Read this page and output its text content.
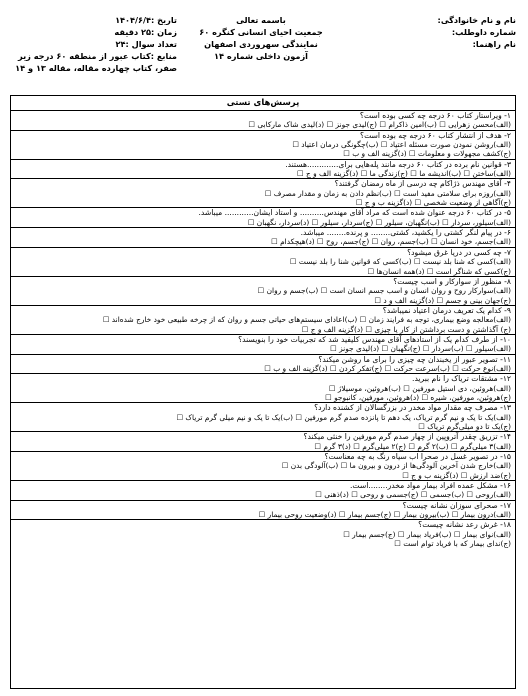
نام و نام خانوادگی:
شماره داوطلب:
نام راهنما:
باسمه تعالی
جمعیت احیای انسانی کنگره ۶۰
نمایندگی سهروردی اصفهان
آزمون داخلی شماره ۱۴
تاریخ :۱۴۰۴/۶/۴
زمان :۲۵ دقیقه
تعداد سوال :۲۴
منابع :کتاب عبور از منطقه ۶۰ درجه زیر صفر، کتاب چهارده مقاله، مقاله ۱۳ و ۱۴
پرسش‌های تستی
۱- ویراستار کتاب ۶۰ درجه چه کسی بوده است؟
(الف)محسن زهرایی ☐ (ب)امین ذاکرام ☐ (ج)لیدی جونز ☐ (د)لیدی شاک مارکابی ☐
۲- هدف از انتشار کتاب ۶۰ درجه چه بوده است؟
(الف)روشن نمودن صورت مسئله اعتیاد ☐ (ب)چگونگی درمان اعتیاد ☐
(ج)کشف مجهولات و معلومات ☐ (د)گزینه الف و ب ☐
۳- قوانین نام برده در کتاب ۶۰ درجه مانند پله‌هایی برای.............هستند.
(الف)ساختن ☐ (ب)اندیشه ما ☐ (ج)زندگی ما ☐ (د)گزینه الف و ج ☐
۴- آقای مهندس ذژاکام چه درسی از ماه رمضان گرفتند؟
(الف)روزه برای سلامتی مفید است ☐ (ب)نظم دادن به زمان و مقدار مصرف ☐
(ج)آگاهی از وضعیت شخصی ☐ (د)گزینه ب و ج ☐
۵- در کتاب ۶۰ درجه عنوان شده است که مراد آقای مهندس.......... و استاد ایشان............ میباشد.
(الف)سیلور، سردار ☐ (ب)نگهبان، سیلور ☐ (ج)سردار، سیلور ☐ (د)سردار، نگهبان ☐
۶- در پیام لنگر کشتی را یکشید، کشتی........ و پرنده........ میباشد.
(الف)جسم، خود انسان ☐ (ب)جسم، روان ☐ (ج)جسم، روح ☐ (د)هیچکدام ☐
۷- چه کسی در دریا غرق میشود؟
(الف)کسی که شنا بلد نیست ☐ (ب)کسی که قوانین شنا را بلد نیست ☐
(ج)کسی که شناگر است ☐ (د)همه انسان‌ها ☐
۸- منظور از سوارکار و اسب چیست؟
(الف)سوارکار روح و روان انسان و اسب جسم انسان است ☐ (ب)جسم و روان ☐
(ج)جهان بینی و جسم ☐ (د)گزینه الف و د ☐
۹- کدام یک تعریف درمان اعتیاد نمیباشد؟
(الف)معالجه وضع بیماری، توجه به فرایند زمان ☐ (ب)اعادای سیستم‌های حیاتی جسم و روان که از چرخه طبیعی خود خارج شده‌اند ☐
(ج) آگذاشتن و دست برداشتن از کار یا چیزی ☐ (د)گزینه الف و ج ☐
۱۰- از طرف کدام یک از استادهای آقای مهندس کلیفید شد که تجربیات خود را بنویسند؟
(الف)سیلور ☐ (ب)سردار ☐ (ج)نگهبان ☐ (د)لیدی جونز ☐
۱۱- تصویر عبور از یخبندان چه چیزی را برای ما روشن میکند؟
(الف)نوع حرکت ☐ (ب)سرعت حرکت ☐ (ج)تفکر کردن ☐ (د)گزینه الف و ب ☐
۱۲- مشتقات تریاک را نام ببرید.
(الف)هروئین، دی استیل مورفین ☐ (ب)هروئین، موسیلاژ ☐
(ج)هروئین، مورفین، شیره ☐ (د)هروئین، مورفین، کانبوجو ☐
۱۳- مصرف چه مقدار مواد مخدر در بزرگسالان از کشنده دارد؟
(الف)یک تا یک و نیم گرم تریاک، یک دهم تا پانزده صدم گرم مورفین ☐ (ب)یک تا یک و نیم میلی گرم تریاک ☐
(ج)یک تا دو میلی‌گرم تریاک ☐
۱۴- تزریق چقدر آتروپین از چهار صدم گرم مورفین را خنثی میکند؟
(الف)۳ میلی‌گرم ☐ (ب)۲ گرم ☐ (ج)۲ میلی‌گرم ☐ (د)۳ گرم ☐
۱۵- در تصویر غسل در صحرا اب سیاه رنگ به چه معناست؟
(الف)خارج شدن آخرین آلودگی‌ها از درون و بیرون ما ☐ (ب)آلودگی بدن ☐
(ج)ضد ارزش ☐ (د)گزینه ب و ج ☐
۱۶- مشکل عمده افراد بیمار مواد مخدر........است.
(الف)روحی ☐ (ب)جسمی ☐ (ج)جسمی و روحی ☐ (د)ذهنی ☐
۱۷- صحرای سوزان نشانه چیست؟
(الف)درون بیمار ☐ (ب)بیرون بیمار ☐ (ج)جسم بیمار ☐ (د)وضعیت روحی بیمار ☐
۱۸- غرش رعد نشانه چیست؟
(الف)نوای بیمار ☐ (ب)فریاد بیمار ☐ (ج)جسم بیمار ☐
(ج)ندای بیمار که با فریاد توام است ☐
